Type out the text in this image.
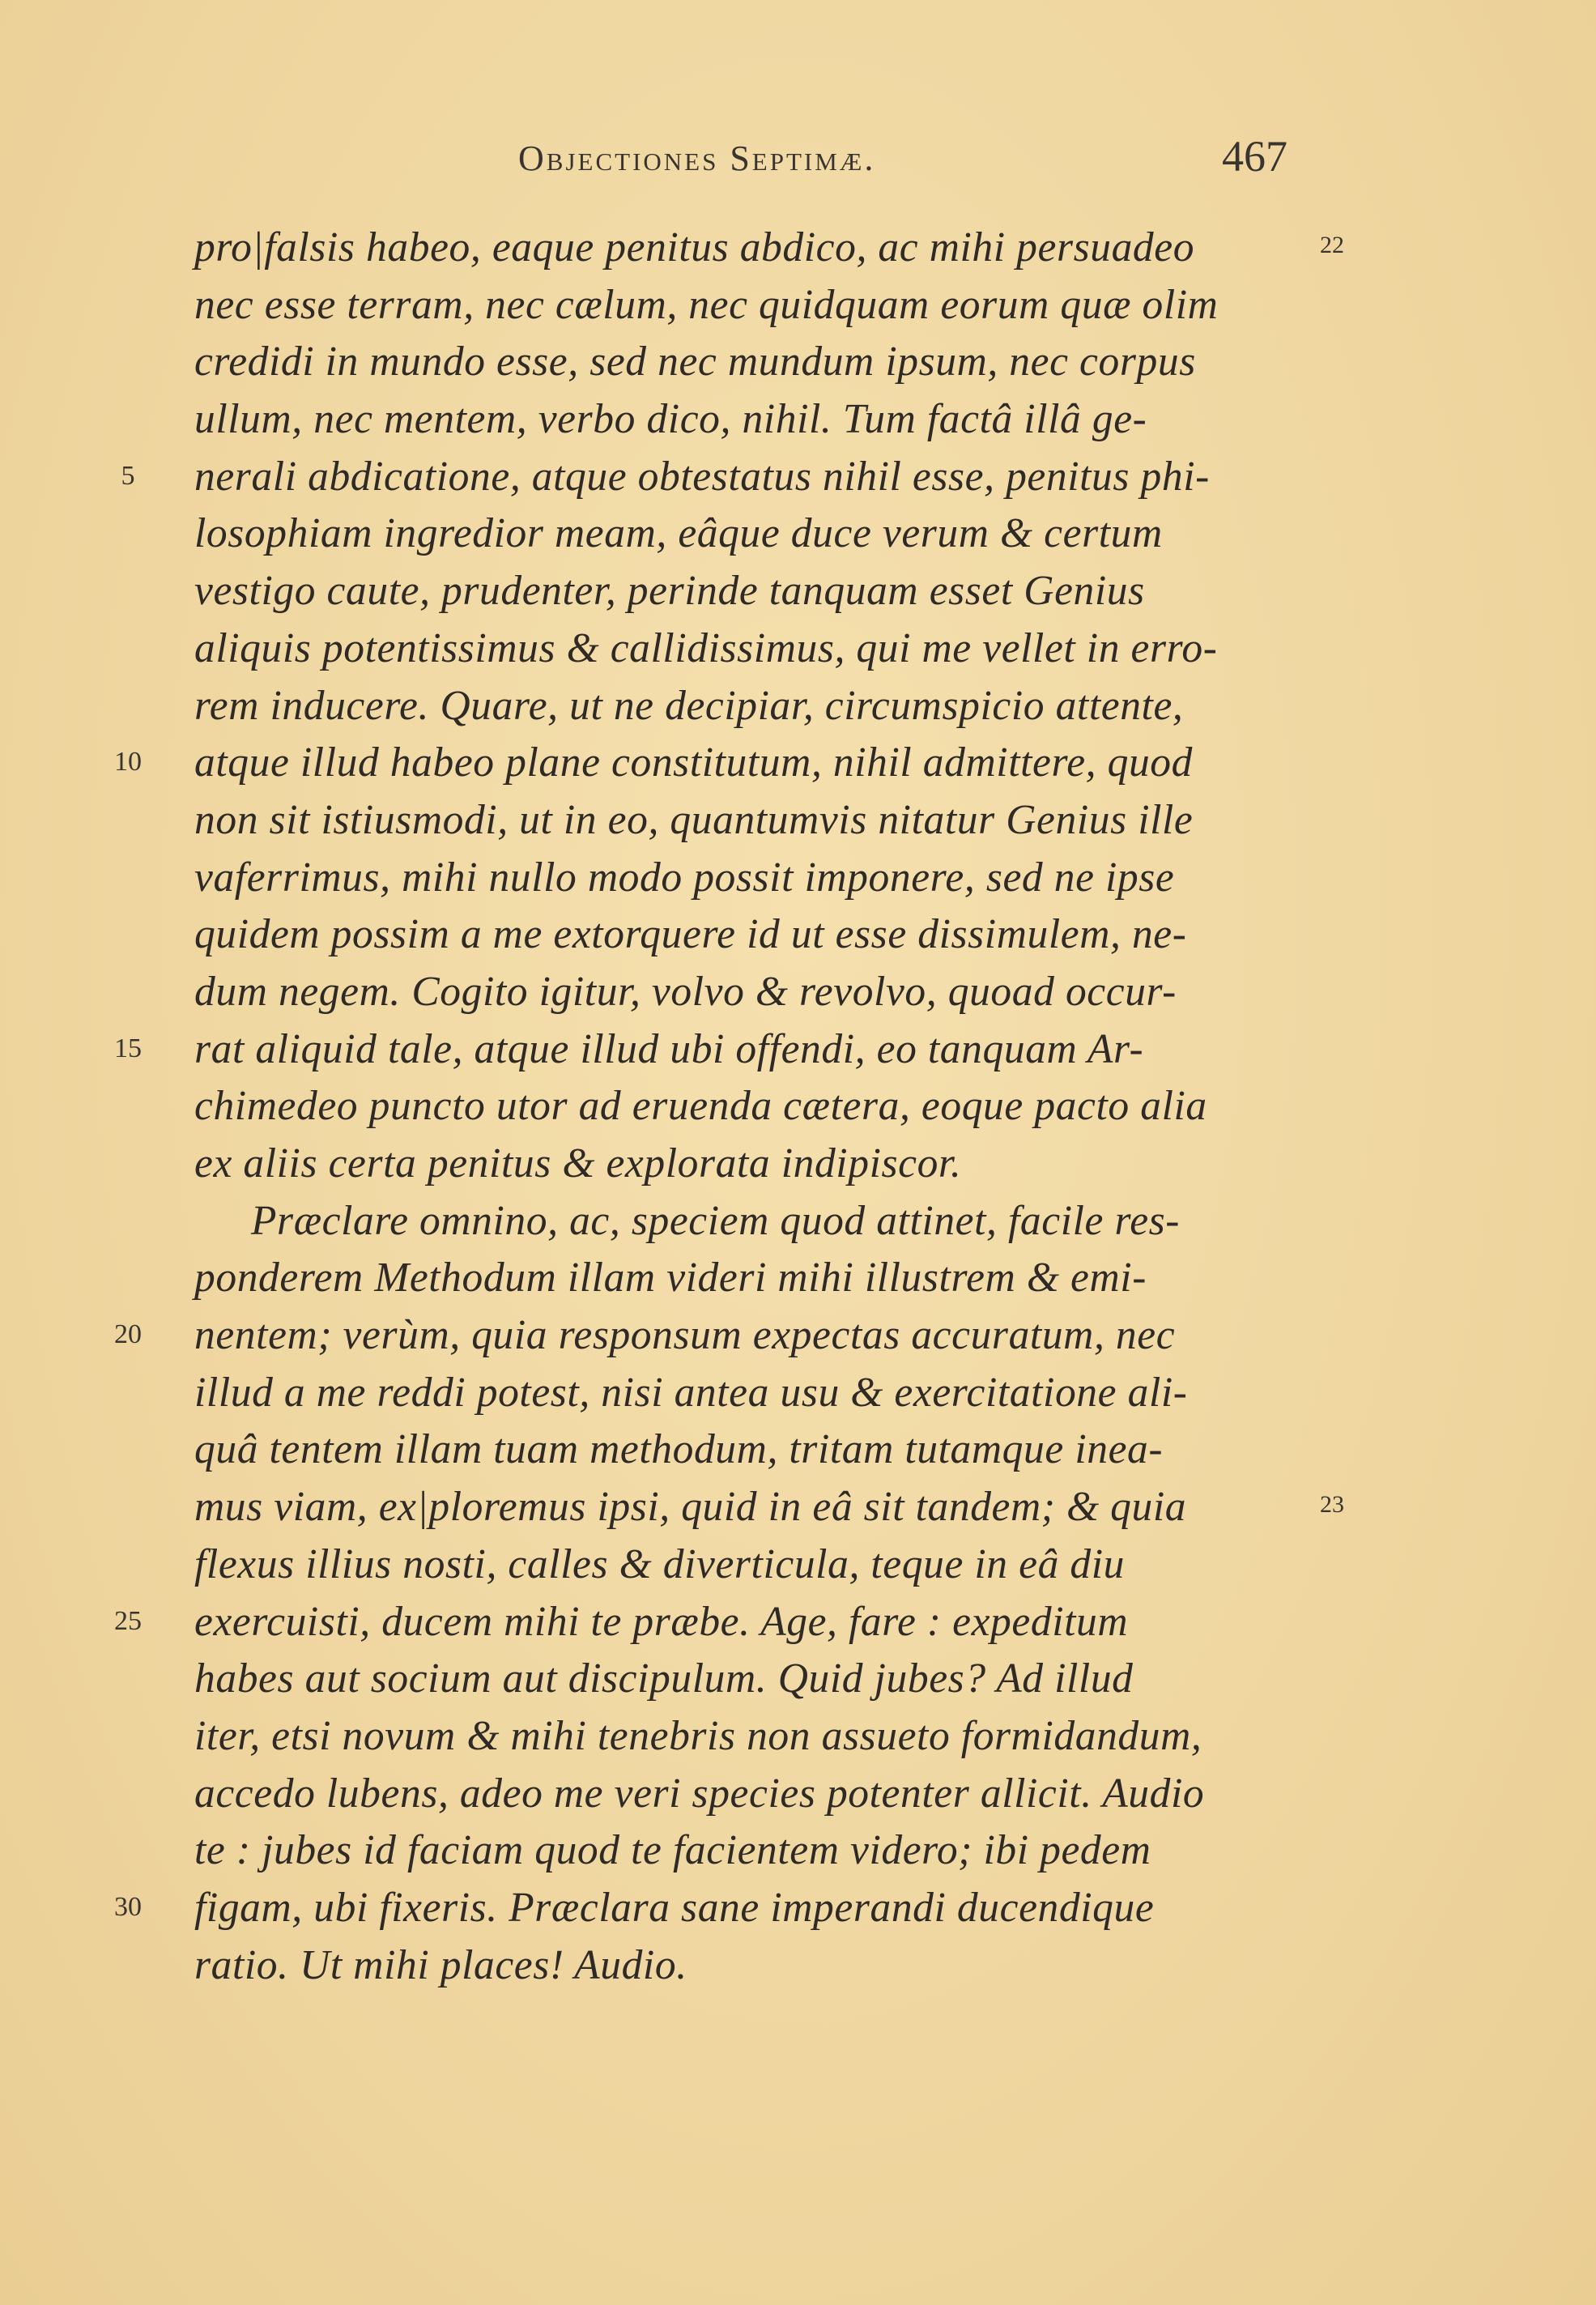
Objectiones Septimæ.	467
pro|falsis habeo, eaque penitus abdico, ac mihi persuadeo	22
nec esse terram, nec cælum, nec quidquam eorum quæ olim
credidi in mundo esse, sed nec mundum ipsum, nec corpus
ullum, nec mentem, verbo dico, nihil. Tum factâ illâ ge-
5	nerali abdicatione, atque obtestatus nihil esse, penitus phi-
losophiam ingredior meam, eâque duce verum & certum
vestigo caute, prudenter, perinde tanquam esset Genius
aliquis potentissimus & callidissimus, qui me vellet in erro-
rem inducere. Quare, ut ne decipiar, circumspicio attente,
10 atque illud habeo plane constitutum, nihil admittere, quod
non sit istiusmodi, ut in eo, quantumvis nitatur Genius ille
vaferrimus, mihi nullo modo possit imponere, sed ne ipse
quidem possim a me extorquere id ut esse dissimulem, ne-
dum negem. Cogito igitur, volvo & revolvo, quoad occur-
15 rat aliquid tale, atque illud ubi offendi, eo tanquam Ar-
chimedeo puncto utor ad eruenda cætera, eoque pacto alia
ex aliis certa penitus & explorata indipiscor.
Præclare omnino, ac, speciem quod attinet, facile res-
ponderem Methodum illam videri mihi illustrem & emi-
20 nentem; verùm, quia responsum expectas accuratum, nec
illud a me reddi potest, nisi antea usu & exercitatione ali-
quâ tentem illam tuam methodum, tritam tutamque inea-
mus viam, ex|ploremus ipsi, quid in eâ sit tandem; & quia	23
flexus illius nosti, calles & diverticula, teque in eâ diu
25 exercuisti, ducem mihi te præbe. Age, fare : expeditum
habes aut socium aut discipulum. Quid jubes? Ad illud
iter, etsi novum & mihi tenebris non assueto formidandum,
accedo lubens, adeo me veri species potenter allicit. Audio
te : jubes id faciam quod te facientem videro; ibi pedem
30 figam, ubi fixeris. Præclara sane imperandi ducendique
ratio. Ut mihi places! Audio.
